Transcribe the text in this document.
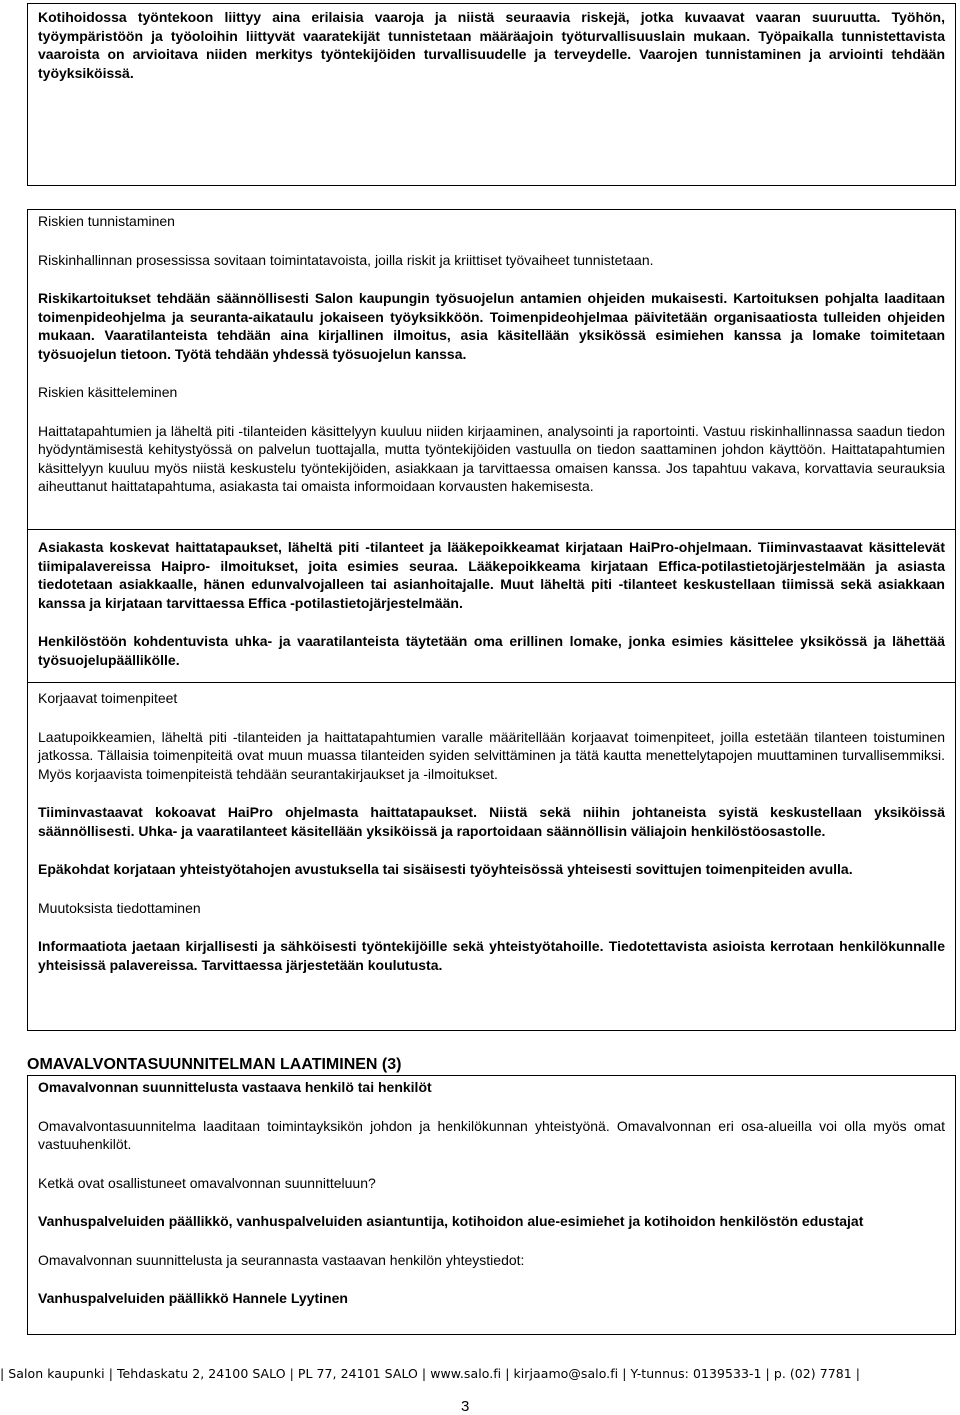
Kotihoidossa työntekoon liittyy aina erilaisia vaaroja ja niistä seuraavia riskejä, jotka kuvaavat vaaran suuruutta. Työhön, työympäristöön ja työoloihin liittyvät vaaratekijät tunnistetaan määräajoin työturvallisuuslain mukaan. Työpaikalla tunnistettavista vaaroista on arvioitava niiden merkitys työntekijöiden turvallisuudelle ja terveydelle. Vaarojen tunnistaminen ja arviointi tehdään työyksiköissä.

Riskien tunnistaminen

Riskinhallinnan prosessissa sovitaan toimintatavoista, joilla riskit ja kriittiset työvaiheet tunnistetaan.

Riskikartoitukset tehdään säännöllisesti Salon kaupungin työsuojelun antamien ohjeiden mukaisesti. Kartoituksen pohjalta laaditaan toimenpideohjelma ja seuranta-aikataulu jokaiseen työyksikköön. Toimenpideohjelmaa päivitetään organisaatiosta tulleiden ohjeiden mukaan. Vaaratilanteista tehdään aina kirjallinen ilmoitus, asia käsitellään yksikössä esimiehen kanssa ja lomake toimitetaan työsuojelun tietoon. Työtä tehdään yhdessä työsuojelun kanssa.

Riskien käsitteleminen

Haittatapahtumien ja läheltä piti -tilanteiden käsittelyyn kuuluu niiden kirjaaminen, analysointi ja raportointi. Vastuu riskinhallinnassa saadun tiedon hyödyntämisestä kehitystyössä on palvelun tuottajalla, mutta työntekijöiden vastuulla on tiedon saattaminen johdon käyttöön. Haittatapahtumien käsittelyyn kuuluu myös niistä keskustelu työntekijöiden, asiakkaan ja tarvittaessa omaisen kanssa. Jos tapahtuu vakava, korvattavia seurauksia aiheuttanut haittatapahtuma, asiakasta tai omaista informoidaan korvausten hakemisesta.

Asiakasta koskevat haittatapaukset, läheltä piti -tilanteet ja lääkepoikkeamat kirjataan HaiPro-ohjelmaan. Tiiminvastaavat käsittelevät tiimipalavereissa Haipro- ilmoitukset, joita esimies seuraa. Lääkepoikkeama kirjataan Effica-potilastietojärjestelmään ja asiasta tiedotetaan asiakkaalle, hänen edunvalvojalleen tai asianhoitajalle. Muut läheltä piti -tilanteet keskustellaan tiimissä sekä asiakkaan kanssa ja kirjataan tarvittaessa Effica -potilastietojärjestelmään.

Henkilöstöön kohdentuvista uhka- ja vaaratilanteista täytetään oma erillinen lomake, jonka esimies käsittelee yksikössä ja lähettää työsuojelupäällikölle.

Korjaavat toimenpiteet

Laatupoikkeamien, läheltä piti -tilanteiden ja haittatapahtumien varalle määritellään korjaavat toimenpiteet, joilla estetään tilanteen toistuminen jatkossa. Tällaisia toimenpiteitä ovat muun muassa tilanteiden syiden selvittäminen ja tätä kautta menettelytapojen muuttaminen turvallisemmiksi. Myös korjaavista toimenpiteistä tehdään seurantakirjaukset ja -ilmoitukset.

Tiiminvastaavat kokoavat HaiPro ohjelmasta haittatapaukset. Niistä sekä niihin johtaneista syistä keskustellaan yksiköissä säännöllisesti. Uhka- ja vaaratilanteet käsitellään yksiköissä ja raportoidaan säännöllisin väliajoin henkilöstöosastolle.

Epäkohdat korjataan yhteistyötahojen avustuksella tai sisäisesti työyhteisössä yhteisesti sovittujen toimenpiteiden avulla.

Muutoksista tiedottaminen

Informaatiota jaetaan kirjallisesti ja sähköisesti työntekijöille sekä yhteistyötahoille. Tiedotettavista asioista kerrotaan henkilökunnalle yhteisissä palavereissa. Tarvittaessa järjestetään koulutusta.

OMAVALVONTASUUNNITELMAN LAATIMINEN (3)

Omavalvonnan suunnittelusta vastaava henkilö tai henkilöt

Omavalvontasuunnitelma laaditaan toimintayksikön johdon ja henkilökunnan yhteistyönä. Omavalvonnan eri osa-alueilla voi olla myös omat vastuuhenkilöt.

Ketkä ovat osallistuneet omavalvonnan suunnitteluun?

Vanhuspalveluiden päällikkö, vanhuspalveluiden asiantuntija, kotihoidon alue-esimiehet ja kotihoidon henkilöstön edustajat

Omavalvonnan suunnittelusta ja seurannasta vastaavan henkilön yhteystiedot:

Vanhuspalveluiden päällikkö Hannele Lyytinen

| Salon kaupunki | Tehdaskatu 2, 24100 SALO | PL 77, 24101 SALO | www.salo.fi | kirjaamo@salo.fi | Y-tunnus: 0139533-1 | p. (02) 7781 |
3
